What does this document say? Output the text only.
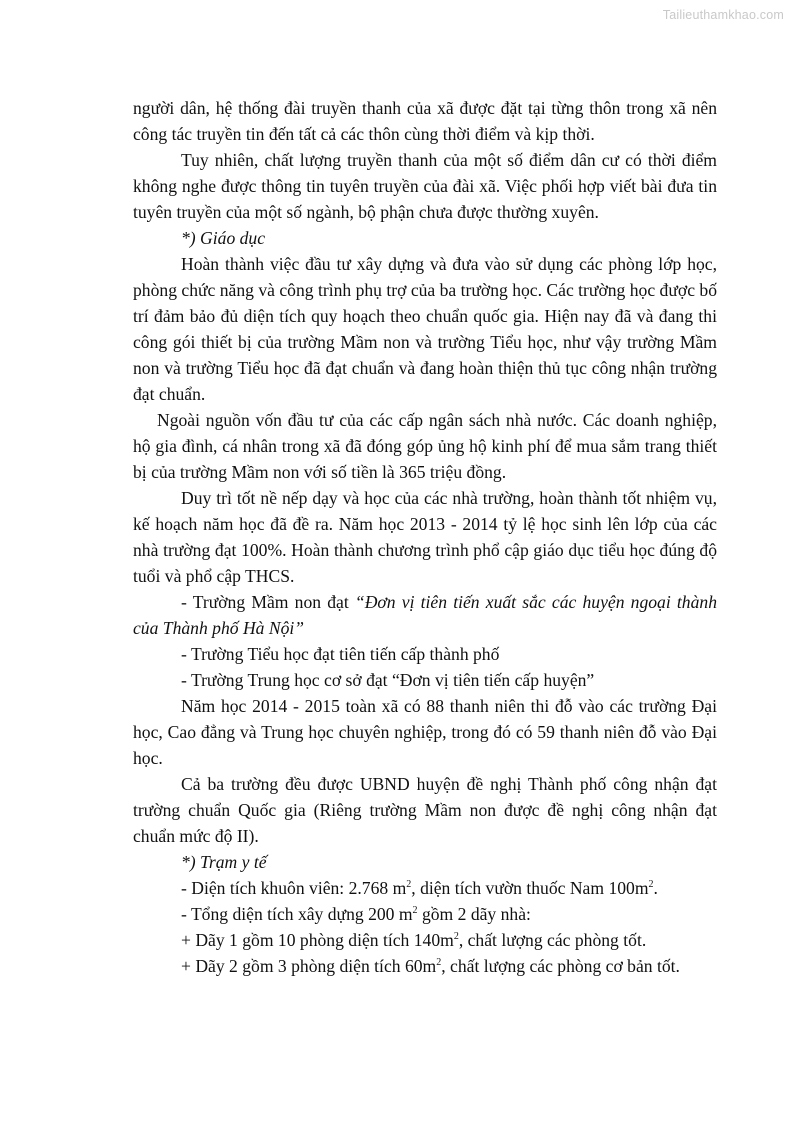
Tailieuthamkhao.com

người dân, hệ thống đài truyền thanh của xã được đặt tại từng thôn trong xã nên công tác truyền tin đến tất cả các thôn cùng thời điểm và kịp thời.

Tuy nhiên, chất lượng truyền thanh của một số điểm dân cư có thời điểm không nghe được thông tin tuyên truyền của đài xã. Việc phối hợp viết bài đưa tin tuyên truyền của một số ngành, bộ phận chưa được thường xuyên.

*) Giáo dục

Hoàn thành việc đầu tư xây dựng và đưa vào sử dụng các phòng lớp học, phòng chức năng và công trình phụ trợ của ba trường học. Các trường học được bố trí đảm bảo đủ diện tích quy hoạch theo chuẩn quốc gia. Hiện nay đã và đang thi công gói thiết bị của trường Mầm non và trường Tiểu học, như vậy trường Mầm non và trường Tiểu học đã đạt chuẩn và đang hoàn thiện thủ tục công nhận trường đạt chuẩn.

Ngoài nguồn vốn đầu tư của các cấp ngân sách nhà nước. Các doanh nghiệp, hộ gia đình, cá nhân trong xã đã đóng góp ủng hộ kinh phí để mua sắm trang thiết bị của trường Mầm non với số tiền là 365 triệu đồng.

Duy trì tốt nề nếp dạy và học của các nhà trường, hoàn thành tốt nhiệm vụ, kế hoạch năm học đã đề ra. Năm học 2013 - 2014 tỷ lệ học sinh lên lớp của các nhà trường đạt 100%. Hoàn thành chương trình phổ cập giáo dục tiểu học đúng độ tuổi và phổ cập THCS.

- Trường Mầm non đạt “Đơn vị tiên tiến xuất sắc các huyện ngoại thành của Thành phố Hà Nội”

- Trường Tiểu học đạt tiên tiến cấp thành phố

- Trường Trung học cơ sở đạt “Đơn vị tiên tiến cấp huyện”

Năm học 2014 - 2015 toàn xã có 88 thanh niên thi đỗ vào các trường Đại học, Cao đẳng và Trung học chuyên nghiệp, trong đó có 59 thanh niên đỗ vào Đại học.

Cả ba trường đều được UBND huyện đề nghị Thành phố công nhận đạt trường chuẩn Quốc gia (Riêng trường Mầm non được đề nghị công nhận đạt chuẩn mức độ II).

*) Trạm y tế

- Diện tích khuôn viên: 2.768 $m^2$, diện tích vườn thuốc Nam $100m^2$.

- Tổng diện tích xây dựng 200 $m^2$ gồm 2 dãy nhà:

+ Dãy 1 gồm 10 phòng diện tích $140m^2$, chất lượng các phòng tốt.

+ Dãy 2 gồm 3 phòng diện tích $60m^2$, chất lượng các phòng cơ bản tốt.
